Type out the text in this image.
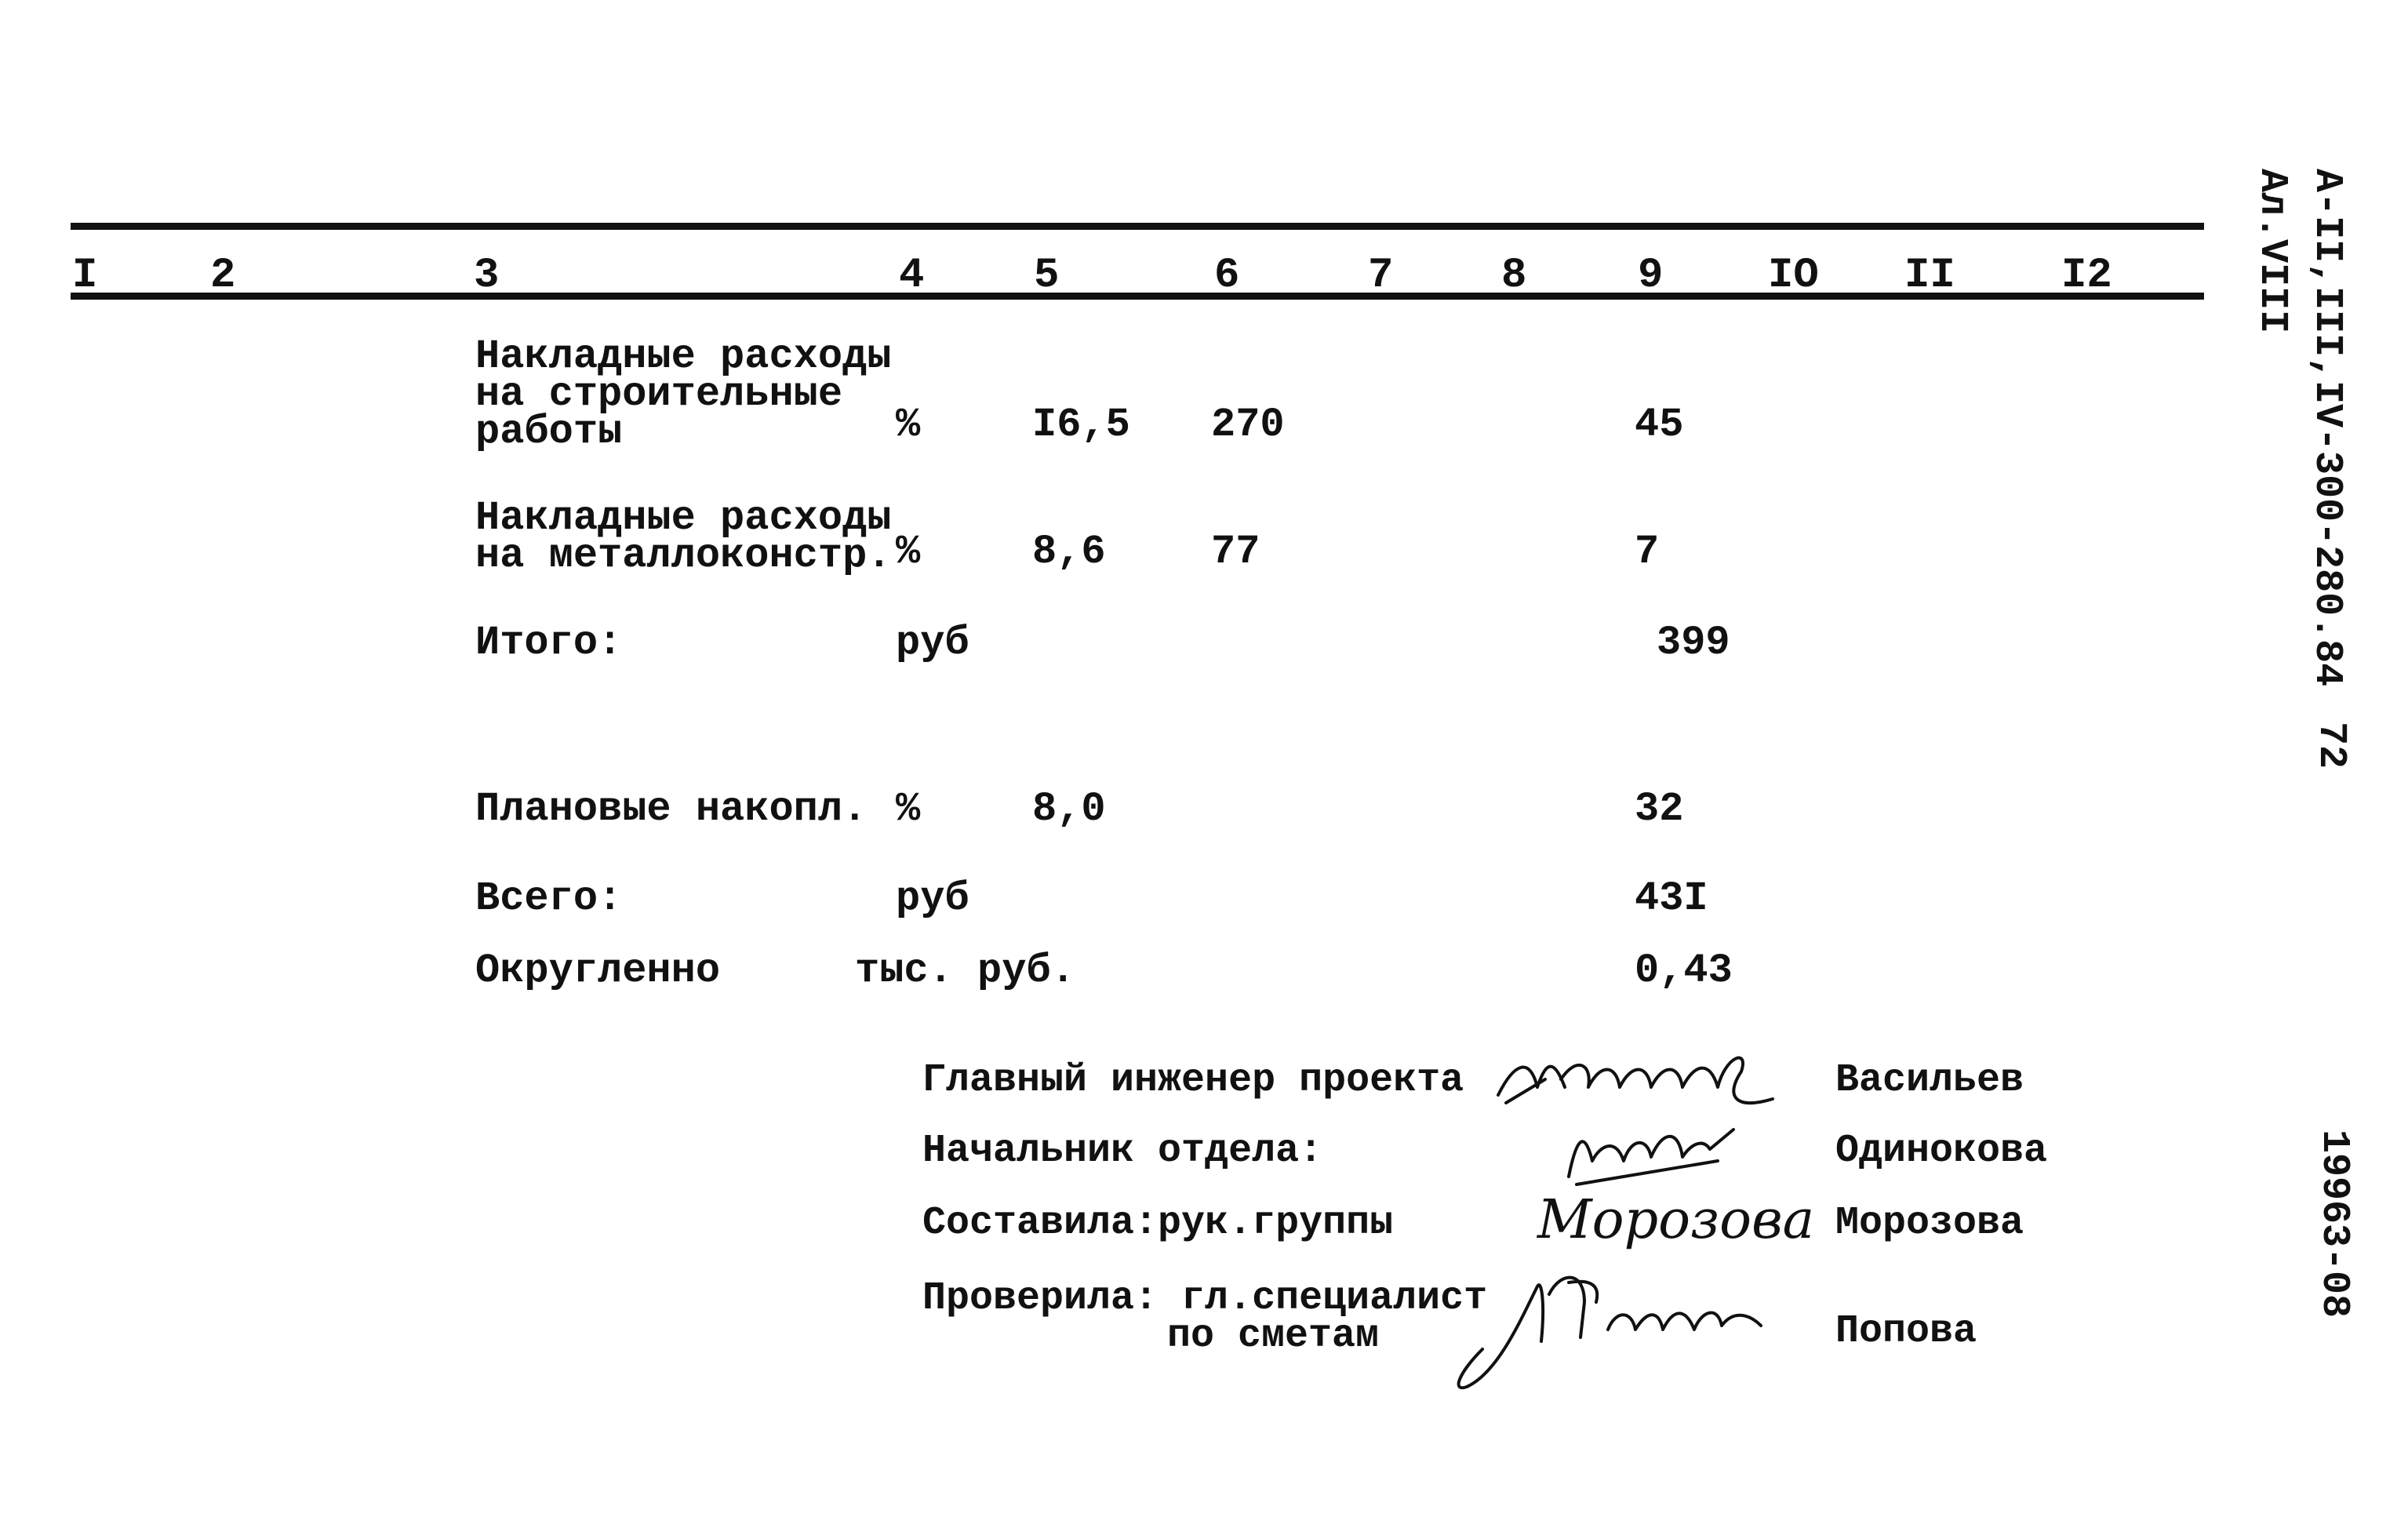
I	2	3	4	5	6	7	8	9 IO II	I2
Накладные расходы
на строительные
работы	%	I6,5 270	45
Накладные расходы
на металлоконстр. %	8,6	77	7
Итого:	руб	399
Плановые накопл. %	8,0	32
Всего:	руб	43I
Округленно	тыс. руб.	0,43
Главный инженер проекта	Васильев
Начальник отдела:	Одинокова
Составила:рук.группы	Морозова
Проверила: гл.специалист
по сметам	Попова
Морозова
А-II,III,IV-300-280.84
Ал.VIII
72
19963-08
